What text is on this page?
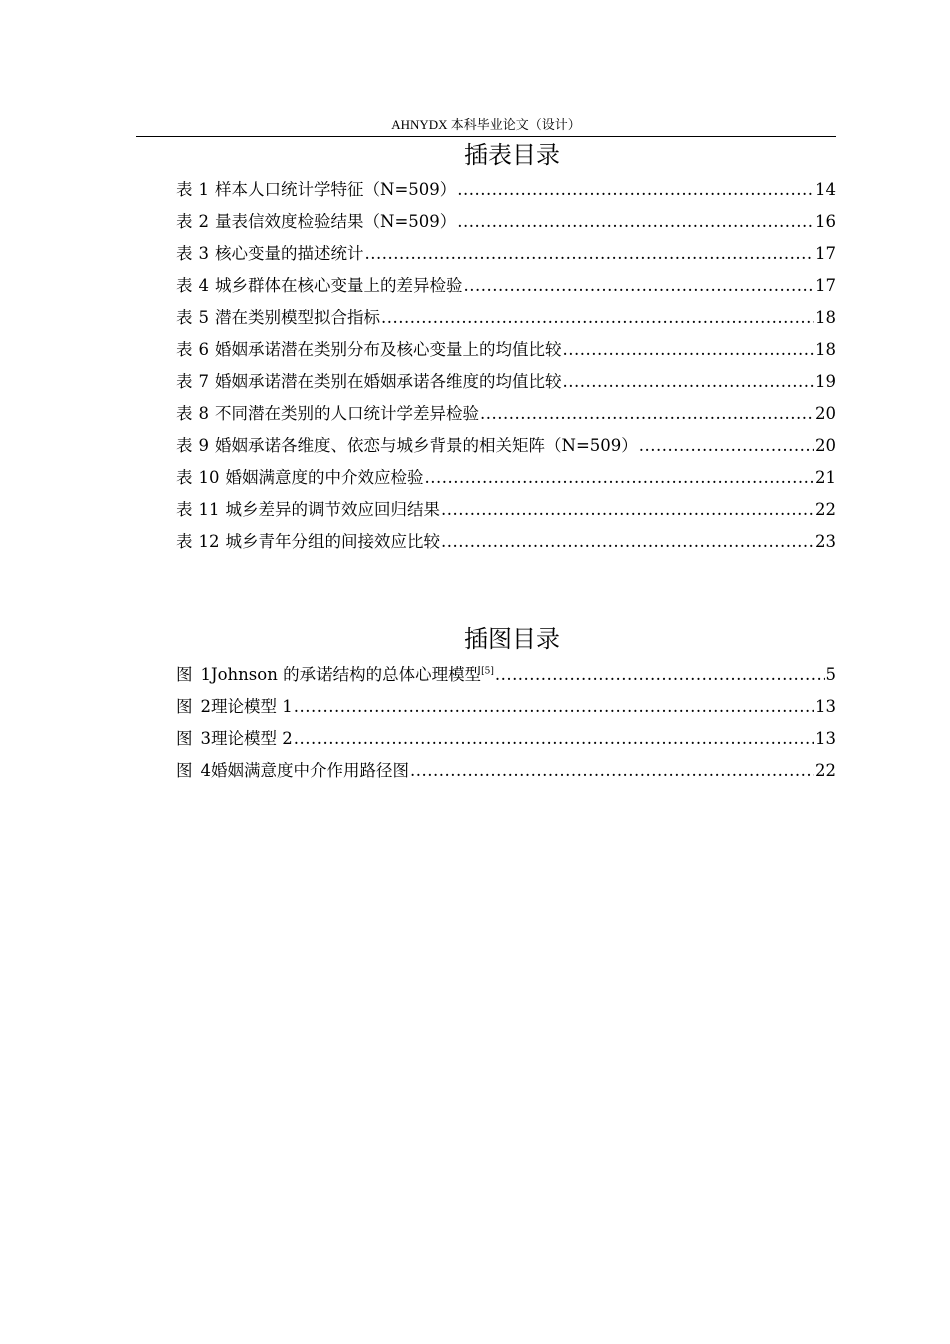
AHNYDX 本科毕业论文（设计）
插表目录
表 1 样本人口统计学特征（N=509） .....	14
表 2 量表信效度检验结果（N=509） .....	16
表 3 核心变量的描述统计 .....	17
表 4 城乡群体在核心变量上的差异检验 .....	17
表 5 潜在类别模型拟合指标 .....	18
表 6 婚姻承诺潜在类别分布及核心变量上的均值比较 .....	18
表 7 婚姻承诺潜在类别在婚姻承诺各维度的均值比较 .....	19
表 8 不同潜在类别的人口统计学差异检验 .....	20
表 9 婚姻承诺各维度、依恋与城乡背景的相关矩阵（N=509） .....	20
表 10 婚姻满意度的中介效应检验 .....	21
表 11 城乡差异的调节效应回归结果 .....	22
表 12 城乡青年分组的间接效应比较 .....	23
插图目录
图 1 Johnson 的承诺结构的总体心理模型[5] .....	5
图 2 理论模型 1 .....	13
图 3 理论模型 2 .....	13
图 4 婚姻满意度中介作用路径图 .....	22
